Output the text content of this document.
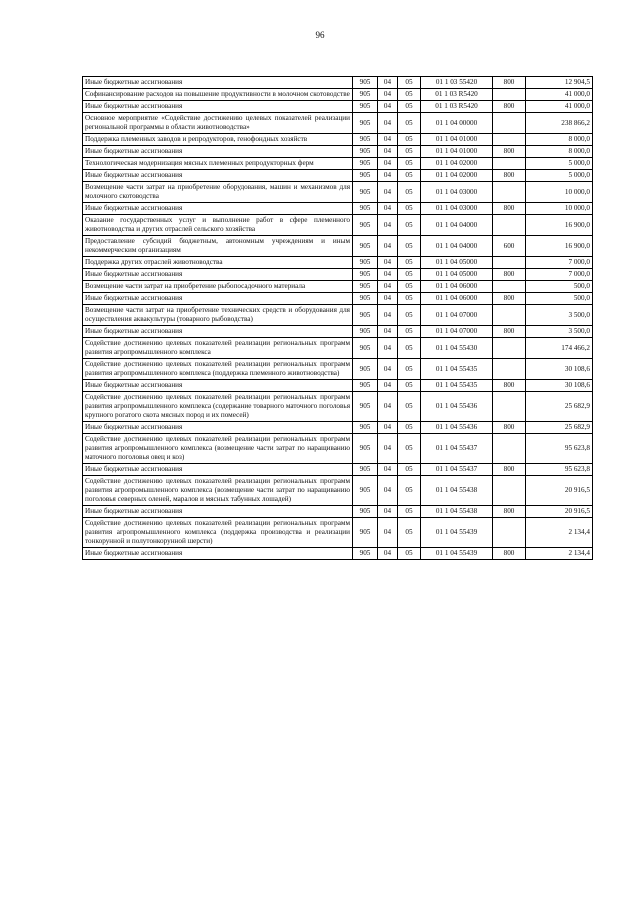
96
Иные бюджетные ассигнования	905	04	05	01 1 03 55420	800	12 904,5
Софинансирование расходов на повышение продуктивности в молочном скотоводстве	905	04	05	01 1 03 R5420		41 000,0
Иные бюджетные ассигнования	905	04	05	01 1 03 R5420	800	41 000,0
Основное мероприятие «Содействие достижению целевых показателей реализации региональной программы в области животноводства»	905	04	05	01 1 04 00000		238 866,2
Поддержка племенных заводов и репродукторов, генофондных хозяйств	905	04	05	01 1 04 01000		8 000,0
Иные бюджетные ассигнования	905	04	05	01 1 04 01000	800	8 000,0
Технологическая модернизация мясных племенных репродукторных ферм	905	04	05	01 1 04 02000		5 000,0
Иные бюджетные ассигнования	905	04	05	01 1 04 02000	800	5 000,0
Возмещение части затрат на приобретение оборудования, машин и механизмов для молочного скотоводства	905	04	05	01 1 04 03000		10 000,0
Иные бюджетные ассигнования	905	04	05	01 1 04 03000	800	10 000,0
Оказание государственных услуг и выполнение работ в сфере племенного животноводства и других отраслей сельского хозяйства	905	04	05	01 1 04 04000		16 900,0
Предоставление субсидий бюджетным, автономным учреждениям и иным некоммерческим организациям	905	04	05	01 1 04 04000	600	16 900,0
Поддержка других отраслей животноводства	905	04	05	01 1 04 05000		7 000,0
Иные бюджетные ассигнования	905	04	05	01 1 04 05000	800	7 000,0
Возмещение части затрат на приобретение рыбопосадочного материала	905	04	05	01 1 04 06000		500,0
Иные бюджетные ассигнования	905	04	05	01 1 04 06000	800	500,0
Возмещение части затрат на приобретение технических средств и оборудования для осуществления аквакультуры (товарного рыбоводства)	905	04	05	01 1 04 07000		3 500,0
Иные бюджетные ассигнования	905	04	05	01 1 04 07000	800	3 500,0
Содействие достижению целевых показателей реализации региональных программ развития агропромышленного комплекса	905	04	05	01 1 04 55430		174 466,2
Содействие достижению целевых показателей реализации региональных программ развития агропромышленного комплекса (поддержка племенного животноводства)	905	04	05	01 1 04 55435		30 108,6
Иные бюджетные ассигнования	905	04	05	01 1 04 55435	800	30 108,6
Содействие достижению целевых показателей реализации региональных программ развития агропромышленного комплекса (содержание товарного маточного поголовья крупного рогатого скота мясных пород и их помесей)	905	04	05	01 1 04 55436		25 682,9
Иные бюджетные ассигнования	905	04	05	01 1 04 55436	800	25 682,9
Содействие достижению целевых показателей реализации региональных программ развития агропромышленного комплекса (возмещение части затрат по наращиванию маточного поголовья овец и коз)	905	04	05	01 1 04 55437		95 623,8
Иные бюджетные ассигнования	905	04	05	01 1 04 55437	800	95 623,8
Содействие достижению целевых показателей реализации региональных программ развития агропромышленного комплекса (возмещение части затрат по наращиванию поголовья северных оленей, маралов и мясных табунных лошадей)	905	04	05	01 1 04 55438		20 916,5
Иные бюджетные ассигнования	905	04	05	01 1 04 55438	800	20 916,5
Содействие достижению целевых показателей реализации региональных программ развития агропромышленного комплекса (поддержка производства и реализации тонкорунной и полутонкорунной шерсти)	905	04	05	01 1 04 55439		2 134,4
Иные бюджетные ассигнования	905	04	05	01 1 04 55439	800	2 134,4
